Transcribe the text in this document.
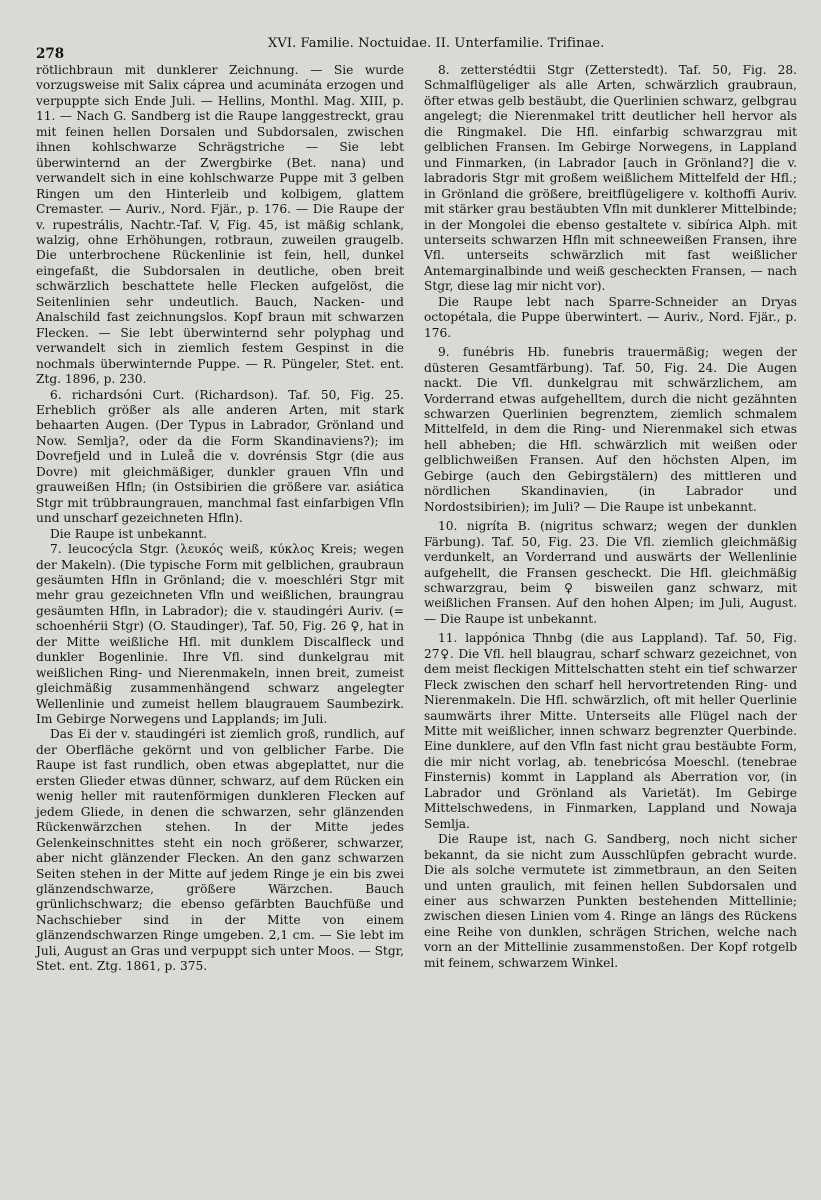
278
XVI. Familie. Noctuidae. II. Unterfamilie. Trifinae.

rötlichbraun mit dunklerer Zeichnung. — Sie wurde vorzugsweise mit Salix cáprea und acumináta erzogen und verpuppte sich Ende Juli. — Hellins, Monthl. Mag. XIII, p. 11. — Nach G. Sandberg ist die Raupe langgestreckt, grau mit feinen hellen Dorsalen und Subdorsalen, zwischen ihnen kohlschwarze Schrägstriche — Sie lebt überwinternd an der Zwergbirke (Bet. nana) und verwandelt sich in eine kohlschwarze Puppe mit 3 gelben Ringen um den Hinterleib und kolbigem, glattem Cremaster. — Auriv., Nord. Fjär., p. 176. — Die Raupe der v. rupestrális, Nachtr.-Taf. V, Fig. 45, ist mäßig schlank, walzig, ohne Erhöhungen, rotbraun, zuweilen graugelb. Die unterbrochene Rückenlinie ist fein, hell, dunkel eingefaßt, die Subdorsalen in deutliche, oben breit schwärzlich beschattete helle Flecken aufgelöst, die Seitenlinien sehr undeutlich. Bauch, Nacken- und Analschild fast zeichnungslos. Kopf braun mit schwarzen Flecken. — Sie lebt überwinternd sehr polyphag und verwandelt sich in ziemlich festem Gespinst in die nochmals überwinternde Puppe. — R. Püngeler, Stet. ent. Ztg. 1896, p. 230.

6. richardsóni Curt. (Richardson). Taf. 50, Fig. 25. Erheblich größer als alle anderen Arten, mit stark behaarten Augen. (Der Typus in Labrador, Grönland und Now. Semlja?, oder da die Form Skandinaviens?); im Dovrefjeld und in Luleå die v. dovrénsis Stgr (die aus Dovre) mit gleichmäßiger, dunkler grauen Vfln und grauweißen Hfln; (in Ostsibirien die größere var. asiática Stgr mit trübbraungrauen, manchmal fast einfarbigen Vfln und unscharf gezeichneten Hfln).

Die Raupe ist unbekannt.

7. leucocýcla Stgr. (λευκός weiß, κύκλος Kreis; wegen der Makeln). (Die typische Form mit gelblichen, graubraun gesäumten Hfln in Grönland; die v. moeschléri Stgr mit mehr grau gezeichneten Vfln und weißlichen, braungrau gesäumten Hfln, in Labrador); die v. staudingéri Auriv. (= schoenhérii Stgr) (O. Staudinger), Taf. 50, Fig. 26 ♀, hat in der Mitte weißliche Hfl. mit dunklem Discalfleck und dunkler Bogenlinie. Ihre Vfl. sind dunkelgrau mit weißlichen Ring- und Nierenmakeln, innen breit, zumeist gleichmäßig zusammenhängend schwarz angelegter Wellenlinie und zumeist hellem blaugrauem Saumbezirk. Im Gebirge Norwegens und Lapplands; im Juli.

Das Ei der v. staudingéri ist ziemlich groß, rundlich, auf der Oberfläche gekörnt und von gelblicher Farbe. Die Raupe ist fast rundlich, oben etwas abgeplattet, nur die ersten Glieder etwas dünner, schwarz, auf dem Rücken ein wenig heller mit rautenförmigen dunkleren Flecken auf jedem Gliede, in denen die schwarzen, sehr glänzenden Rückenwärzchen stehen. In der Mitte jedes Gelenkeinschnittes steht ein noch größerer, schwarzer, aber nicht glänzender Flecken. An den ganz schwarzen Seiten stehen in der Mitte auf jedem Ringe je ein bis zwei glänzendschwarze, größere Wärzchen. Bauch grünlichschwarz; die ebenso gefärbten Bauchfüße und Nachschieber sind in der Mitte von einem glänzendschwarzen Ringe umgeben. 2,1 cm. — Sie lebt im Juli, August an Gras und verpuppt sich unter Moos. — Stgr, Stet. ent. Ztg. 1861, p. 375.

8. zetterstédtii Stgr (Zetterstedt). Taf. 50, Fig. 28. Schmalflügeliger als alle Arten, schwärzlich graubraun, öfter etwas gelb bestäubt, die Querlinien schwarz, gelbgrau angelegt; die Nierenmakel tritt deutlicher hell hervor als die Ringmakel. Die Hfl. einfarbig schwarzgrau mit gelblichen Fransen. Im Gebirge Norwegens, in Lappland und Finmarken, (in Labrador [auch in Grönland?] die v. labradoris Stgr mit großem weißlichem Mittelfeld der Hfl.; in Grönland die größere, breitflügeligere v. kolthoffi Auriv. mit stärker grau bestäubten Vfln mit dunklerer Mittelbinde; in der Mongolei die ebenso gestaltete v. sibírica Alph. mit unterseits schwarzen Hfln mit schneeweißen Fransen, ihre Vfl. unterseits schwärzlich mit fast weißlicher Antemarginalbinde und weiß gescheckten Fransen, — nach Stgr, diese lag mir nicht vor).

Die Raupe lebt nach Sparre-Schneider an Dryas octopétala, die Puppe überwintert. — Auriv., Nord. Fjär., p. 176.

9. funébris Hb. funebris trauermäßig; wegen der düsteren Gesamtfärbung). Taf. 50, Fig. 24. Die Augen nackt. Die Vfl. dunkelgrau mit schwärzlichem, am Vorderrand etwas aufgehelltem, durch die nicht gezähnten schwarzen Querlinien begrenztem, ziemlich schmalem Mittelfeld, in dem die Ring- und Nierenmakel sich etwas hell abheben; die Hfl. schwärzlich mit weißen oder gelblichweißen Fransen. Auf den höchsten Alpen, im Gebirge (auch den Gebirgstälern) des mittleren und nördlichen Skandinavien, (in Labrador und Nordostsibirien); im Juli? — Die Raupe ist unbekannt.

10. nigríta B. (nigritus schwarz; wegen der dunklen Färbung). Taf. 50, Fig. 23. Die Vfl. ziemlich gleichmäßig verdunkelt, an Vorderrand und auswärts der Wellenlinie aufgehellt, die Fransen gescheckt. Die Hfl. gleichmäßig schwarzgrau, beim ♀ bisweilen ganz schwarz, mit weißlichen Fransen. Auf den hohen Alpen; im Juli, August. — Die Raupe ist unbekannt.

11. lappónica Thnbg (die aus Lappland). Taf. 50, Fig. 27♀. Die Vfl. hell blaugrau, scharf schwarz gezeichnet, von dem meist fleckigen Mittelschatten steht ein tief schwarzer Fleck zwischen den scharf hell hervortretenden Ring- und Nierenmakeln. Die Hfl. schwärzlich, oft mit heller Querlinie saumwärts ihrer Mitte. Unterseits alle Flügel nach der Mitte mit weißlicher, innen schwarz begrenzter Querbinde. Eine dunklere, auf den Vfln fast nicht grau bestäubte Form, die mir nicht vorlag, ab. tenebricósa Moeschl. (tenebrae Finsternis) kommt in Lappland als Aberration vor, (in Labrador und Grönland als Varietät). Im Gebirge Mittelschwedens, in Finmarken, Lappland und Nowaja Semlja.

Die Raupe ist, nach G. Sandberg, noch nicht sicher bekannt, da sie nicht zum Ausschlüpfen gebracht wurde. Die als solche vermutete ist zimmetbraun, an den Seiten und unten graulich, mit feinen hellen Subdorsalen und einer aus schwarzen Punkten bestehenden Mittellinie; zwischen diesen Linien vom 4. Ringe an längs des Rückens eine Reihe von dunklen, schrägen Strichen, welche nach vorn an der Mittellinie zusammenstoßen. Der Kopf rotgelb mit feinem, schwarzem Winkel.
